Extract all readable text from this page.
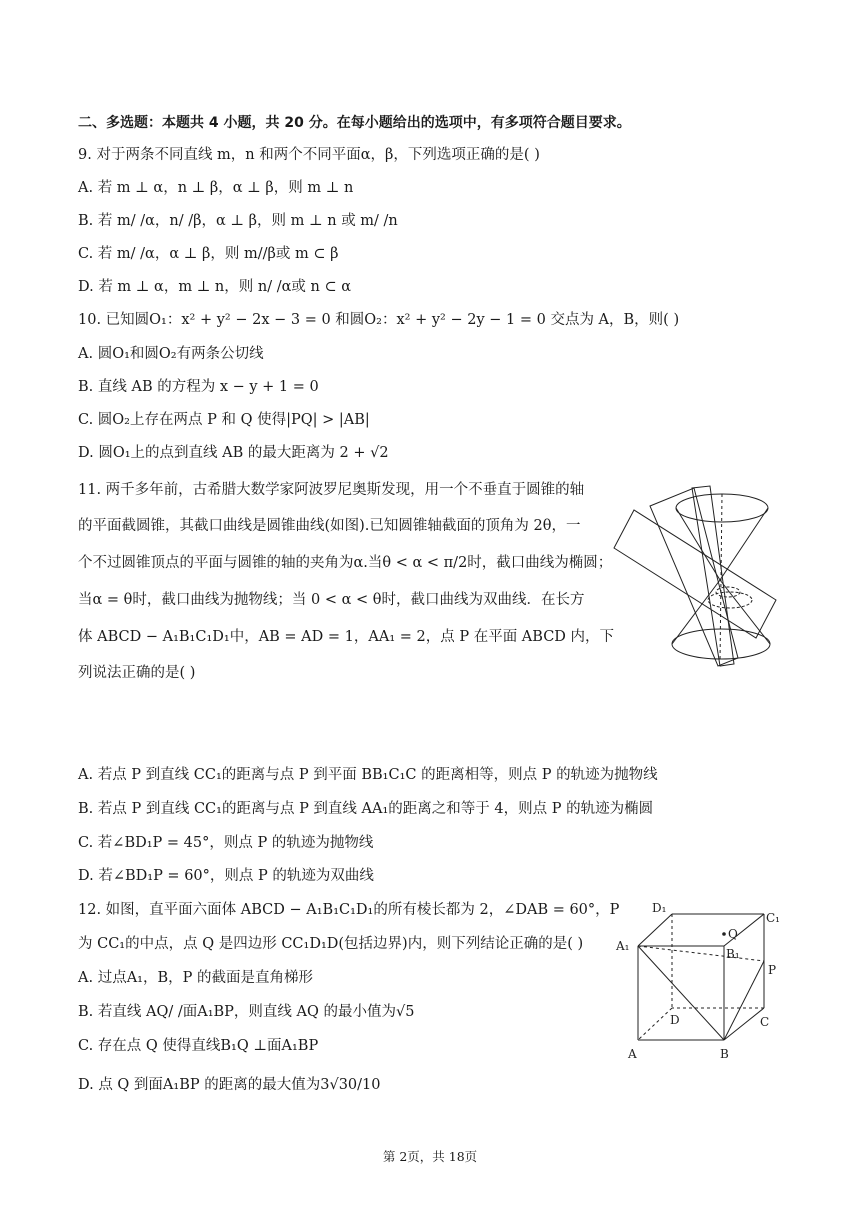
二、多选题：本题共 4 小题，共 20 分。在每小题给出的选项中，有多项符合题目要求。
9. 对于两条不同直线 m，n 和两个不同平面α，β，下列选项正确的是( )
A. 若 m ⊥ α，n ⊥ β，α ⊥ β，则 m ⊥ n
B. 若 m/ /α，n/ /β，α ⊥ β，则 m ⊥ n 或 m/ /n
C. 若 m/ /α，α ⊥ β，则 m//β或 m ⊂ β
D. 若 m ⊥ α，m ⊥ n，则 n/ /α或 n ⊂ α
10. 已知圆O₁：x² + y² − 2x − 3 = 0 和圆O₂：x² + y² − 2y − 1 = 0 交点为 A，B，则( )
A. 圆O₁和圆O₂有两条公切线
B. 直线 AB 的方程为 x − y + 1 = 0
C. 圆O₂上存在两点 P 和 Q 使得|PQ| > |AB|
D. 圆O₁上的点到直线 AB 的最大距离为 2 + √2
11. 两千多年前，古希腊大数学家阿波罗尼奥斯发现，用一个不垂直于圆锥的轴
的平面截圆锥，其截口曲线是圆锥曲线(如图).已知圆锥轴截面的顶角为 2θ，一
个不过圆锥顶点的平面与圆锥的轴的夹角为α.当θ < α < π/2时，截口曲线为椭圆；
当α = θ时，截口曲线为抛物线；当 0 < α < θ时，截口曲线为双曲线．在长方
体 ABCD − A₁B₁C₁D₁中，AB = AD = 1，AA₁ = 2，点 P 在平面 ABCD 内，下
列说法正确的是( )
A. 若点 P 到直线 CC₁的距离与点 P 到平面 BB₁C₁C 的距离相等，则点 P 的轨迹为抛物线
B. 若点 P 到直线 CC₁的距离与点 P 到直线 AA₁的距离之和等于 4，则点 P 的轨迹为椭圆
C. 若∠BD₁P = 45°，则点 P 的轨迹为抛物线
D. 若∠BD₁P = 60°，则点 P 的轨迹为双曲线
12. 如图，直平面六面体 ABCD − A₁B₁C₁D₁的所有棱长都为 2，∠DAB = 60°，P
为 CC₁的中点，点 Q 是四边形 CC₁D₁D(包括边界)内，则下列结论正确的是( )
A. 过点A₁，B，P 的截面是直角梯形
B. 若直线 AQ/ /面A₁BP，则直线 AQ 的最小值为√5
C. 存在点 Q 使得直线B₁Q ⊥面A₁BP
D. 点 Q 到面A₁BP 的距离的最大值为3√30/10
D₁
C₁
A₁
B₁
Q
P
D	C
A	B
第 2页，共 18页
